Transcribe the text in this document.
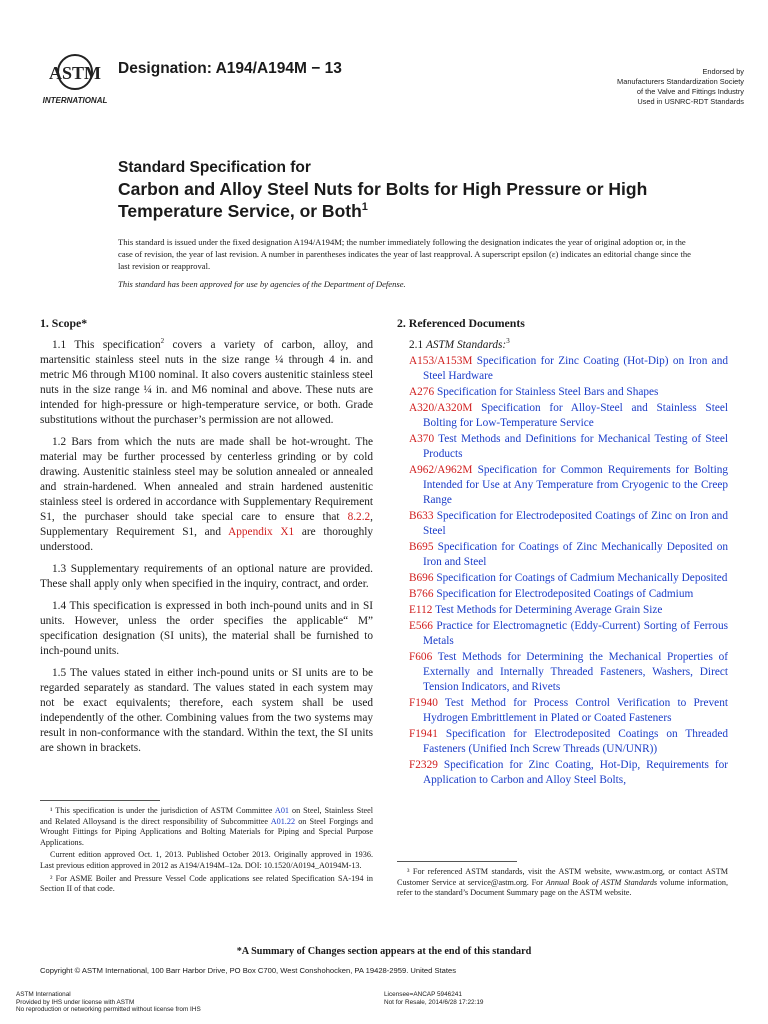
ASTM
INTERNATIONAL
Designation: A194/A194M − 13	Endorsed by
Manufacturers Standardization Society
of the Valve and Fittings Industry
Used in USNRC-RDT Standards
Standard Specification for
Carbon and Alloy Steel Nuts for Bolts for High Pressure or High Temperature Service, or Both$^1$
This standard is issued under the fixed designation A194/A194M; the number immediately following the designation indicates the year of original adoption or, in the case of revision, the year of last revision. A number in parentheses indicates the year of last reapproval. A superscript epsilon (ε) indicates an editorial change since the last revision or reapproval.
This standard has been approved for use by agencies of the Department of Defense.
1. Scope*

1.1 This specification$^2$ covers a variety of carbon, alloy, and martensitic stainless steel nuts in the size range ¼ through 4 in. and metric M6 through M100 nominal. It also covers austenitic stainless steel nuts in the size range ¼ in. and M6 nominal and above. These nuts are intended for high-pressure or high-temperature service, or both. Grade substitutions without the purchaser’s permission are not allowed.

1.2 Bars from which the nuts are made shall be hot-wrought. The material may be further processed by centerless grinding or by cold drawing. Austenitic stainless steel may be solution annealed or annealed and strain-hardened. When annealed and strain hardened austenitic stainless steel is ordered in accordance with Supplementary Requirement S1, the purchaser should take special care to ensure that 8.2.2, Supplementary Requirement S1, and Appendix X1 are thoroughly understood.

1.3 Supplementary requirements of an optional nature are provided. These shall apply only when specified in the inquiry, contract, and order.

1.4 This specification is expressed in both inch-pound units and in SI units. However, unless the order specifies the applicable“ M” specification designation (SI units), the material shall be furnished to inch-pound units.

1.5 The values stated in either inch-pound units or SI units are to be regarded separately as standard. The values stated in each system may not be exact equivalents; therefore, each system shall be used independently of the other. Combining values from the two systems may result in non-conformance with the standard. Within the text, the SI units are shown in brackets.

2. Referenced Documents
2.1 ASTM Standards:$^3$
A153/A153M Specification for Zinc Coating (Hot-Dip) on Iron and Steel Hardware
A276 Specification for Stainless Steel Bars and Shapes
A320/A320M Specification for Alloy-Steel and Stainless Steel Bolting for Low-Temperature Service
A370 Test Methods and Definitions for Mechanical Testing of Steel Products
A962/A962M Specification for Common Requirements for Bolting Intended for Use at Any Temperature from Cryogenic to the Creep Range
B633 Specification for Electrodeposited Coatings of Zinc on Iron and Steel
B695 Specification for Coatings of Zinc Mechanically Deposited on Iron and Steel
B696 Specification for Coatings of Cadmium Mechanically Deposited
B766 Specification for Electrodeposited Coatings of Cadmium
E112 Test Methods for Determining Average Grain Size
E566 Practice for Electromagnetic (Eddy-Current) Sorting of Ferrous Metals
F606 Test Methods for Determining the Mechanical Properties of Externally and Internally Threaded Fasteners, Washers, Direct Tension Indicators, and Rivets
F1940 Test Method for Process Control Verification to Prevent Hydrogen Embrittlement in Plated or Coated Fasteners
F1941 Specification for Electrodeposited Coatings on Threaded Fasteners (Unified Inch Screw Threads (UN/UNR))
F2329 Specification for Zinc Coating, Hot-Dip, Requirements for Application to Carbon and Alloy Steel Bolts,

¹ This specification is under the jurisdiction of ASTM Committee A01 on Steel, Stainless Steel and Related Alloysand is the direct responsibility of Subcommittee A01.22 on Steel Forgings and Wrought Fittings for Piping Applications and Bolting Materials for Piping and Special Purpose Applications.

Current edition approved Oct. 1, 2013. Published October 2013. Originally approved in 1936. Last previous edition approved in 2012 as A194/A194M–12a. DOI: 10.1520/A0194_A0194M-13.

² For ASME Boiler and Pressure Vessel Code applications see related Specification SA-194 in Section II of that code.

³ For referenced ASTM standards, visit the ASTM website, www.astm.org, or contact ASTM Customer Service at service@astm.org. For Annual Book of ASTM Standards volume information, refer to the standard’s Document Summary page on the ASTM website.

*A Summary of Changes section appears at the end of this standard
Copyright © ASTM International, 100 Barr Harbor Drive, PO Box C700, West Conshohocken, PA 19428-2959. United States
ASTM International
Provided by IHS under license with ASTM
No reproduction or networking permitted without license from IHS
Licensee=ANCAP 5946241
Not for Resale, 2014/6/28 17:22:19
